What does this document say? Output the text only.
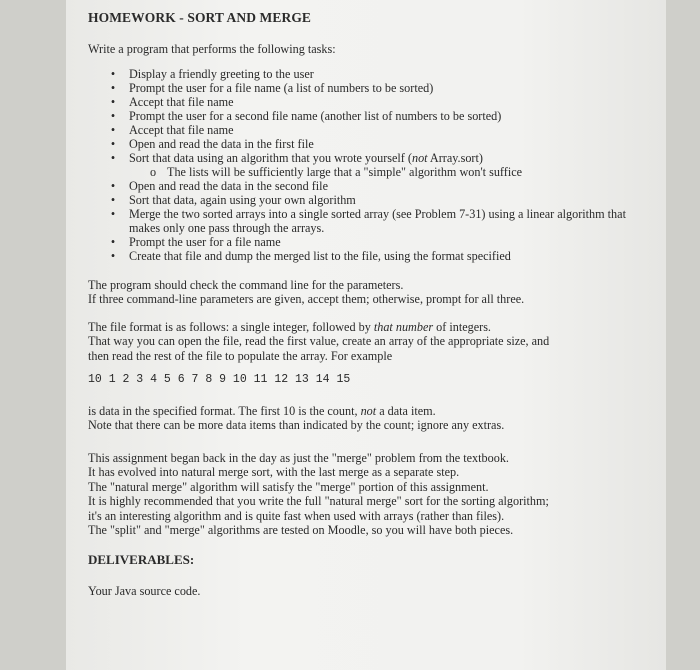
HOMEWORK - SORT AND MERGE

Write a program that performs the following tasks:

•	Display a friendly greeting to the user
•	Prompt the user for a file name (a list of numbers to be sorted)
•	Accept that file name
•	Prompt the user for a second file name (another list of numbers to be sorted)
•	Accept that file name
•	Open and read the data in the first file
•	Sort that data using an algorithm that you wrote yourself (not Array.sort)
o The lists will be sufficiently large that a "simple" algorithm won't suffice
•	Open and read the data in the second file
•	Sort that data, again using your own algorithm
•	Merge the two sorted arrays into a single sorted array (see Problem 7-31) using a linear algorithm that makes only one pass through the arrays.
•	Prompt the user for a file name
•	Create that file and dump the merged list to the file, using the format specified

The program should check the command line for the parameters.

If three command-line parameters are given, accept them; otherwise, prompt for all three.

The file format is as follows: a single integer, followed by that number of integers.

That way you can open the file, read the first value, create an array of the appropriate size, and

then read the rest of the file to populate the array. For example

10 1 2 3 4 5 6 7 8 9 10 11 12 13 14 15

is data in the specified format. The first 10 is the count, not a data item.

Note that there can be more data items than indicated by the count; ignore any extras.

This assignment began back in the day as just the "merge" problem from the textbook.

It has evolved into natural merge sort, with the last merge as a separate step.

The "natural merge" algorithm will satisfy the "merge" portion of this assignment.

It is highly recommended that you write the full "natural merge" sort for the sorting algorithm;

it's an interesting algorithm and is quite fast when used with arrays (rather than files).

The "split" and "merge" algorithms are tested on Moodle, so you will have both pieces.

DELIVERABLES:

Your Java source code.
